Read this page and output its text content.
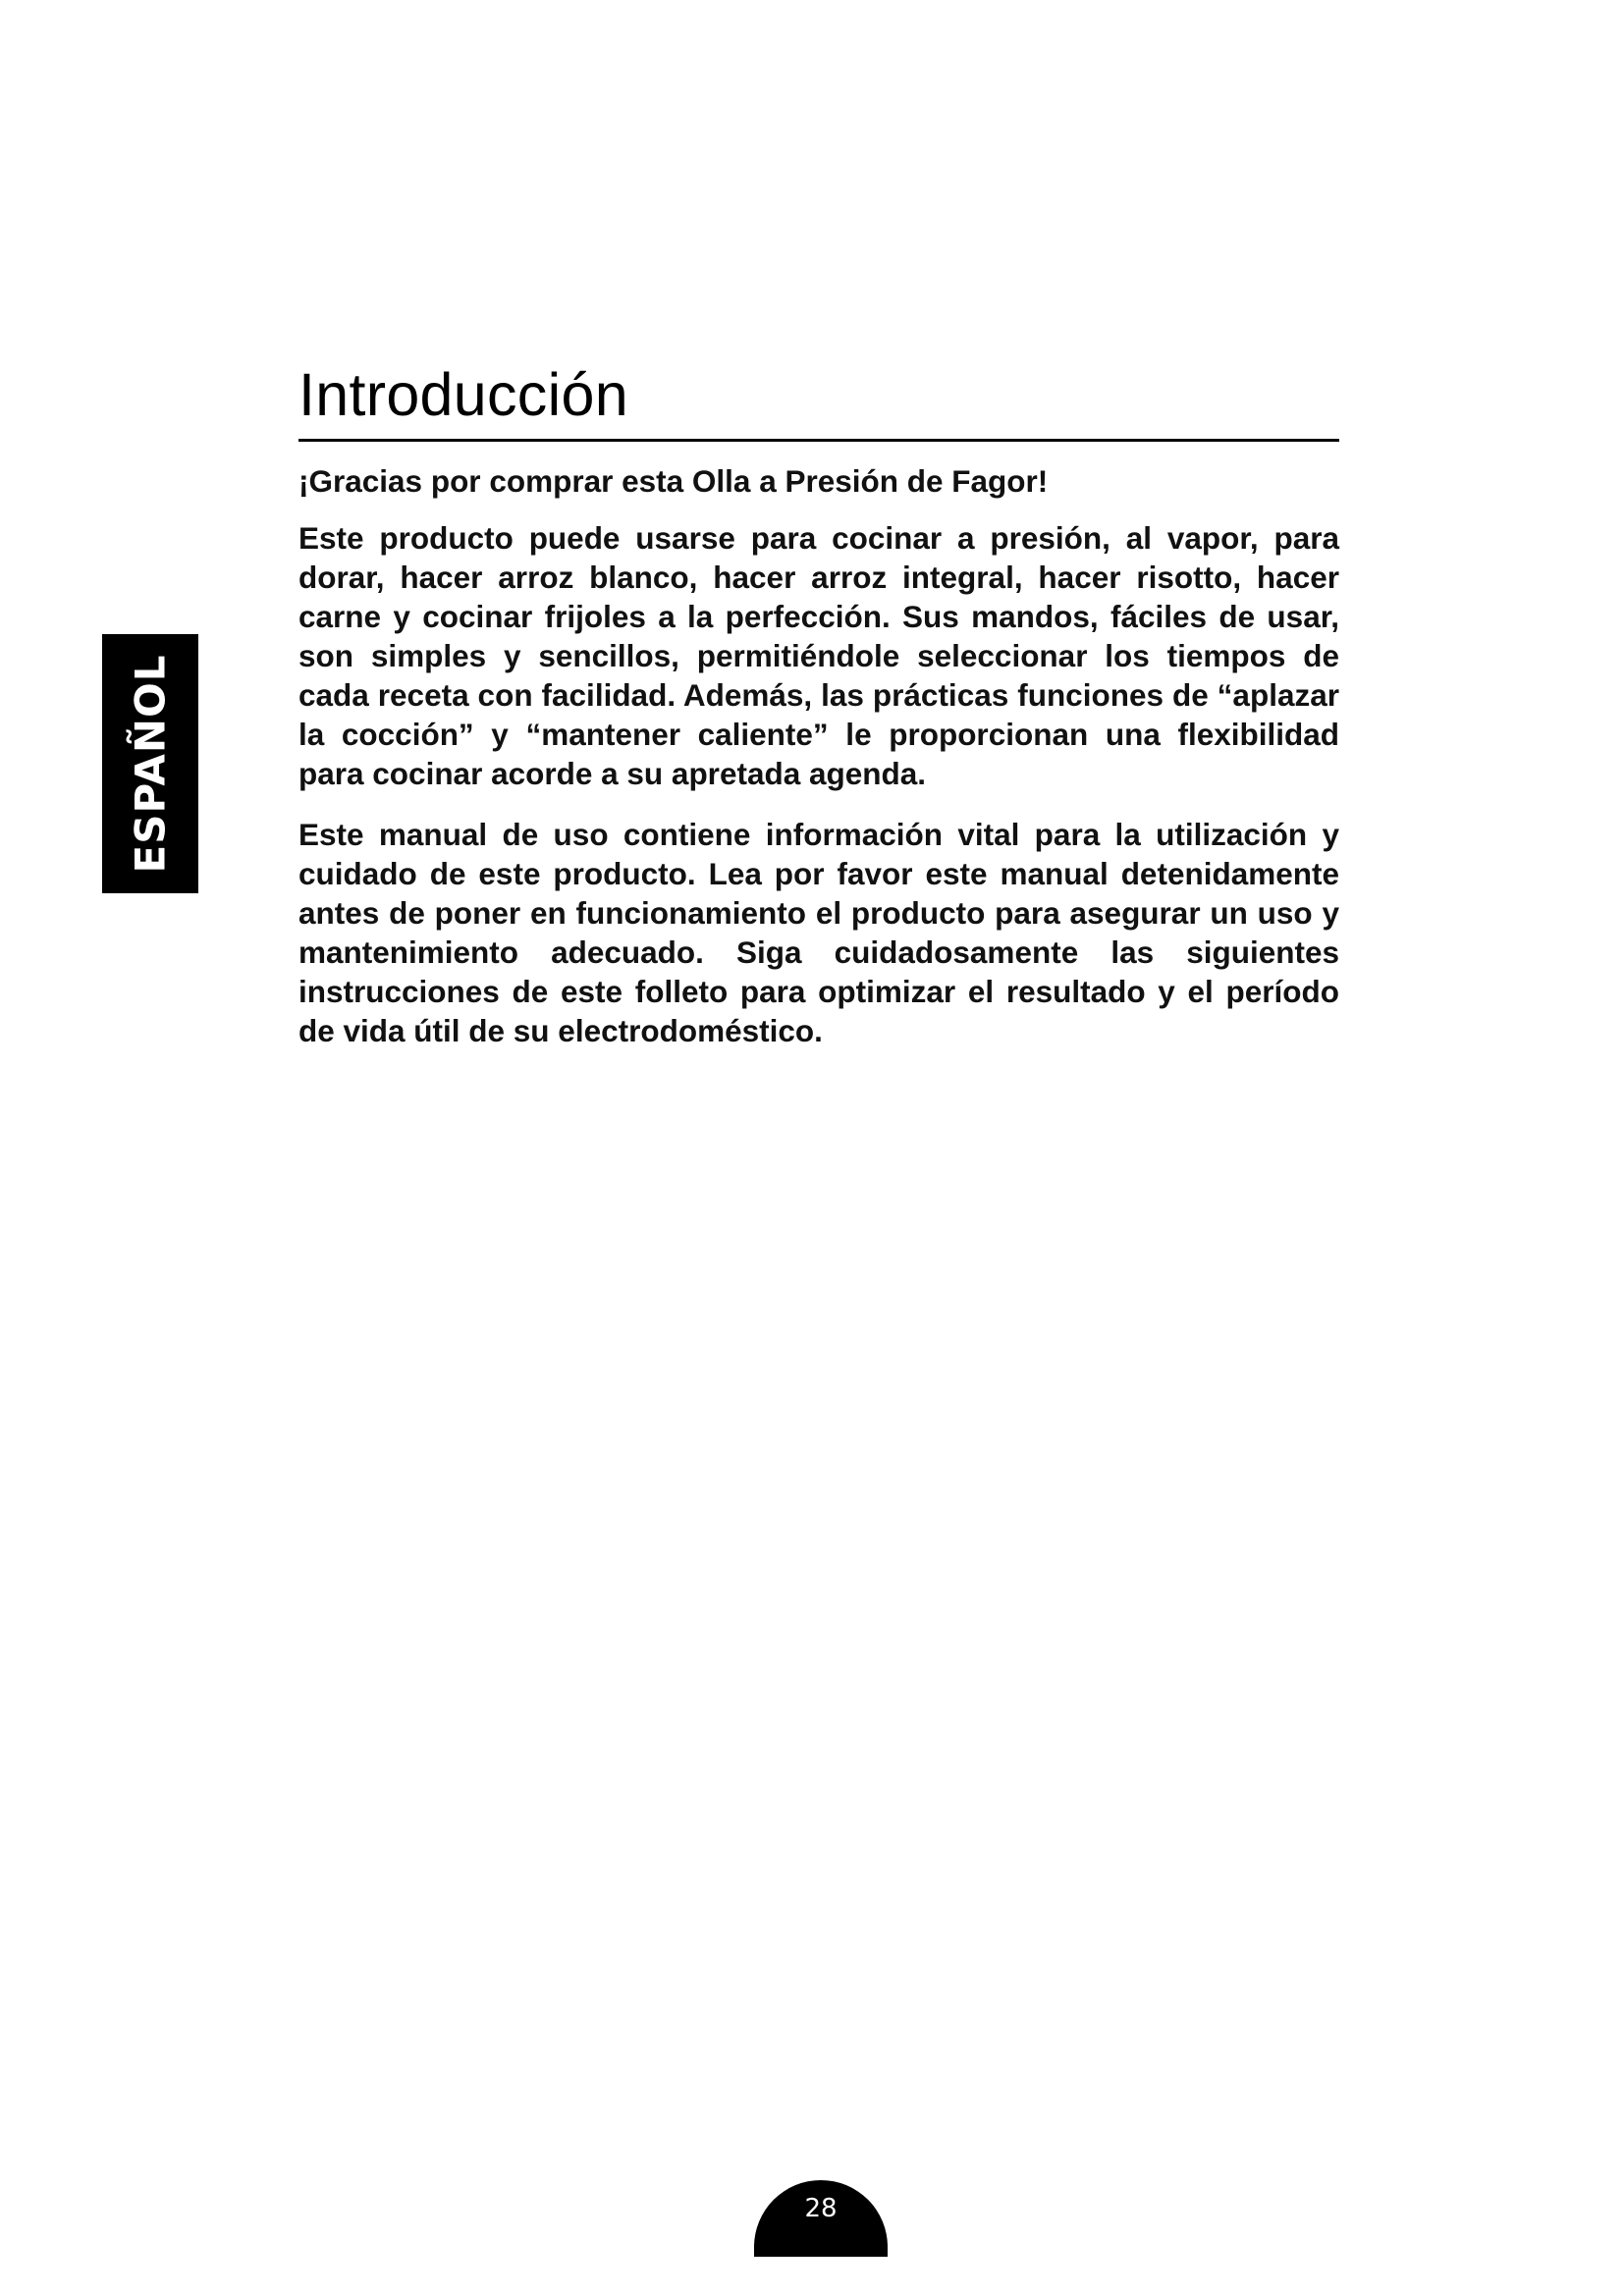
ESPAÑOL
Introducción

¡Gracias por comprar esta Olla a Presión de Fagor!

Este producto puede usarse para cocinar a presión, al vapor, para dorar, hacer arroz blanco, hacer arroz integral, hacer risotto, hacer carne y cocinar frijoles a la perfección. Sus mandos, fáciles de usar, son simples y sencillos, permitiéndole seleccionar los tiempos de cada receta con facilidad. Además, las prácticas funciones de “aplazar la cocción” y “mantener caliente” le proporcionan una flexibilidad para cocinar acorde a su apretada agenda.

Este manual de uso contiene información vital para la utilización y cuidado de este producto. Lea por favor este manual detenidamente antes de poner en funcionamiento el producto para asegurar un uso y mantenimiento adecuado. Siga cuidadosamente las siguientes instrucciones de este folleto para optimizar el resultado y el período de vida útil de su electrodoméstico.

28
